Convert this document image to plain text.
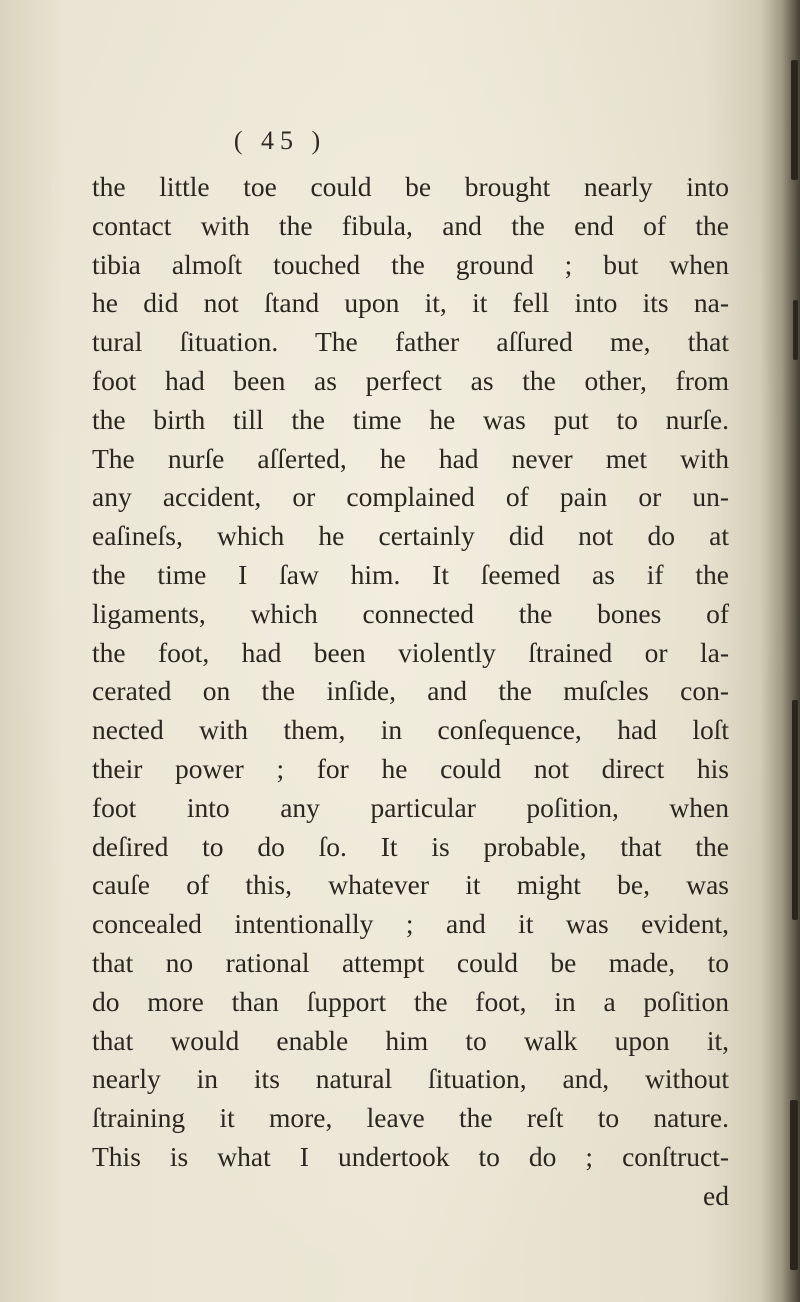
( 45 )
the little toe could be brought nearly into
contact with the fibula, and the end of the
tibia almoſt touched the ground ; but when
he did not ſtand upon it, it fell into its na-
tural ſituation. The father aſſured me, that
foot had been as perfect as the other, from
the birth till the time he was put to nurſe.
The nurſe aſſerted, he had never met with
any accident, or complained of pain or un-
eaſineſs, which he certainly did not do at
the time I ſaw him. It ſeemed as if the
ligaments, which connected the bones of
the foot, had been violently ſtrained or la-
cerated on the inſide, and the muſcles con-
nected with them, in conſequence, had loſt
their power ; for he could not direct his
foot into any particular poſition, when
deſired to do ſo. It is probable, that the
cauſe of this, whatever it might be, was
concealed intentionally ; and it was evident,
that no rational attempt could be made, to
do more than ſupport the foot, in a poſition
that would enable him to walk upon it,
nearly in its natural ſituation, and, without
ſtraining it more, leave the reſt to nature.
This is what I undertook to do ; conſtruct-
ed
